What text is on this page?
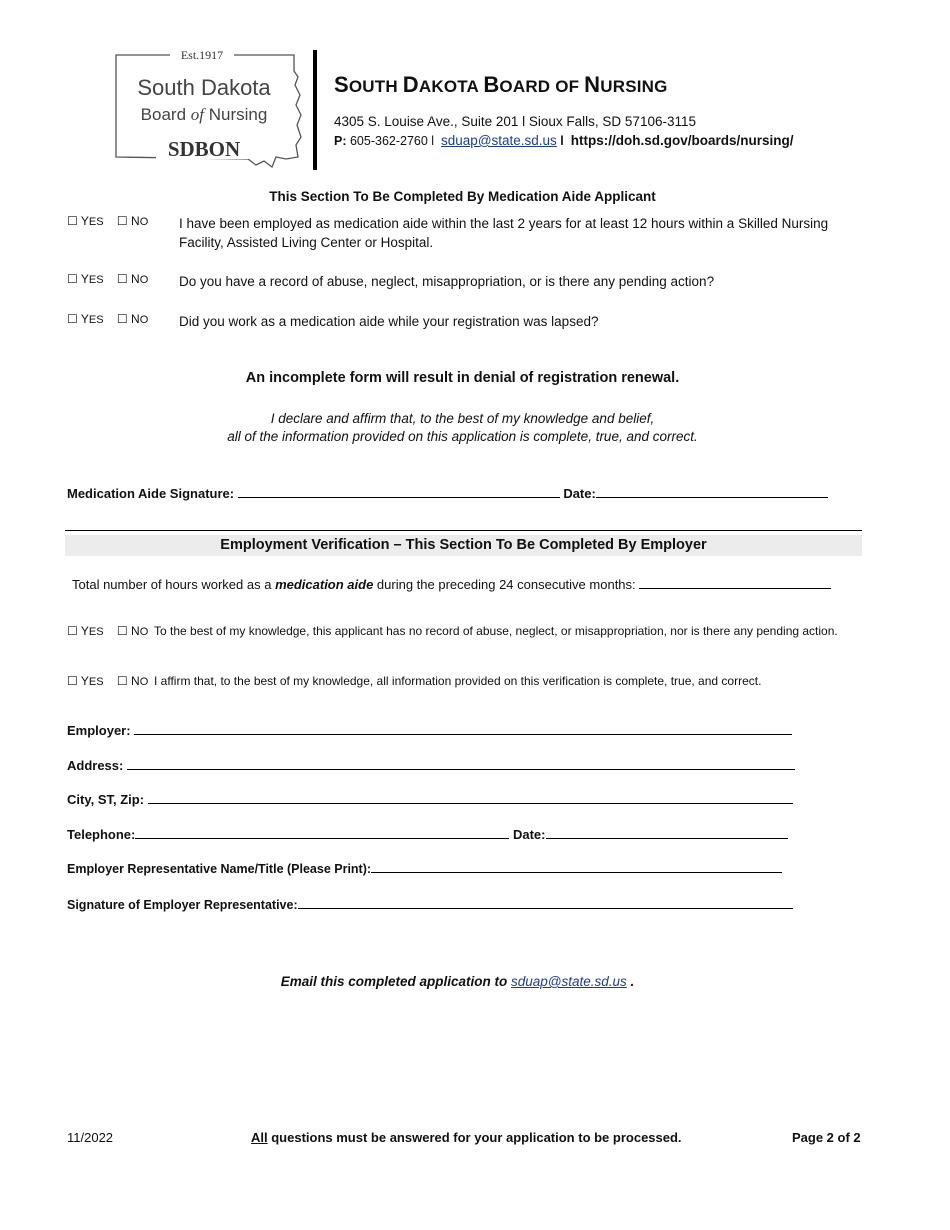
Est.1917
South Dakota
Board of Nursing
SDBON
SOUTH DAKOTA BOARD OF NURSING
4305 S. Louise Ave., Suite 201 l Sioux Falls, SD 57106-3115
P: 605-362-2760 l sduap@state.sd.us l https://doh.sd.gov/boards/nursing/
This Section To Be Completed By Medication Aide Applicant
☐ YES ☐ NO I have been employed as medication aide within the last 2 years for at least 12 hours within a Skilled Nursing Facility, Assisted Living Center or Hospital.
☐ YES ☐ NO Do you have a record of abuse, neglect, misappropriation, or is there any pending action?
☐ YES ☐ NO Did you work as a medication aide while your registration was lapsed?
An incomplete form will result in denial of registration renewal.
I declare and affirm that, to the best of my knowledge and belief,
all of the information provided on this application is complete, true, and correct.
Medication Aide Signature:	Date:
Employment Verification – This Section To Be Completed By Employer
Total number of hours worked as a medication aide during the preceding 24 consecutive months:
☐ YES ☐ NO To the best of my knowledge, this applicant has no record of abuse, neglect, or misappropriation, nor is there any pending action.
☐ YES ☐ NO I affirm that, to the best of my knowledge, all information provided on this verification is complete, true, and correct.
Employer:
Address:
City, ST, Zip:
Telephone:	Date:
Employer Representative Name/Title (Please Print):
Signature of Employer Representative:
Email this completed application to sduap@state.sd.us .
11/2022	All questions must be answered for your application to be processed.	Page 2 of 2
